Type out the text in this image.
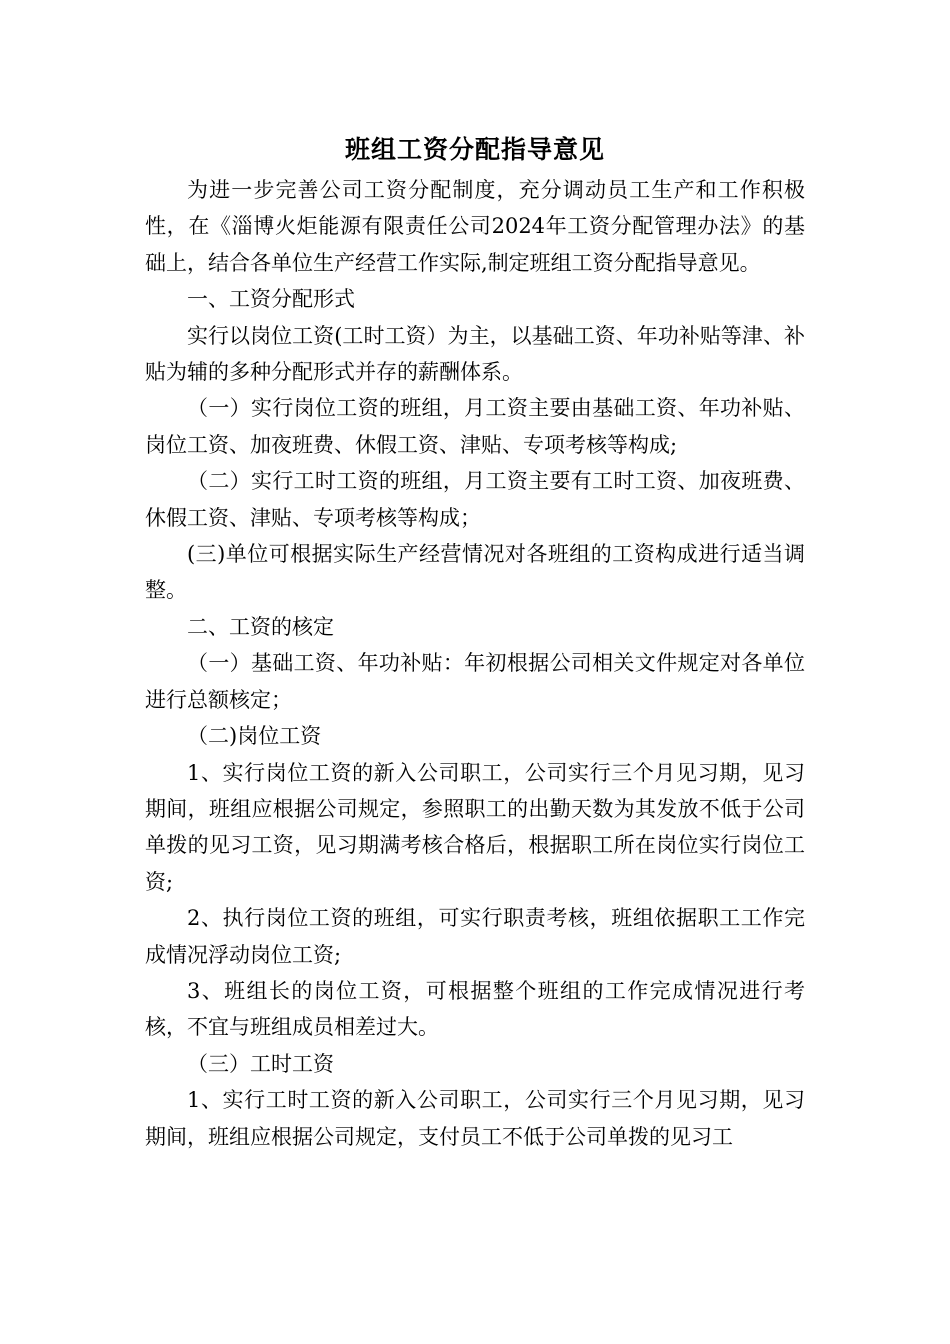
班组工资分配指导意见

为进一步完善公司工资分配制度，充分调动员工生产和工作积极性，在《淄博火炬能源有限责任公司2024年工资分配管理办法》的基础上，结合各单位生产经营工作实际,制定班组工资分配指导意见。

一、工资分配形式

实行以岗位工资(工时工资）为主，以基础工资、年功补贴等津、补贴为辅的多种分配形式并存的薪酬体系。

（一）实行岗位工资的班组，月工资主要由基础工资、年功补贴、岗位工资、加夜班费、休假工资、津贴、专项考核等构成;

（二）实行工时工资的班组，月工资主要有工时工资、加夜班费、休假工资、津贴、专项考核等构成；

(三)单位可根据实际生产经营情况对各班组的工资构成进行适当调整。

二、工资的核定

（一）基础工资、年功补贴：年初根据公司相关文件规定对各单位进行总额核定；

（二)岗位工资

1、实行岗位工资的新入公司职工，公司实行三个月见习期，见习期间，班组应根据公司规定，参照职工的出勤天数为其发放不低于公司单拨的见习工资，见习期满考核合格后，根据职工所在岗位实行岗位工资;

2、执行岗位工资的班组，可实行职责考核，班组依据职工工作完成情况浮动岗位工资;

3、班组长的岗位工资，可根据整个班组的工作完成情况进行考核，不宜与班组成员相差过大。

（三）工时工资

1、实行工时工资的新入公司职工，公司实行三个月见习期，见习期间，班组应根据公司规定，支付员工不低于公司单拨的见习工
